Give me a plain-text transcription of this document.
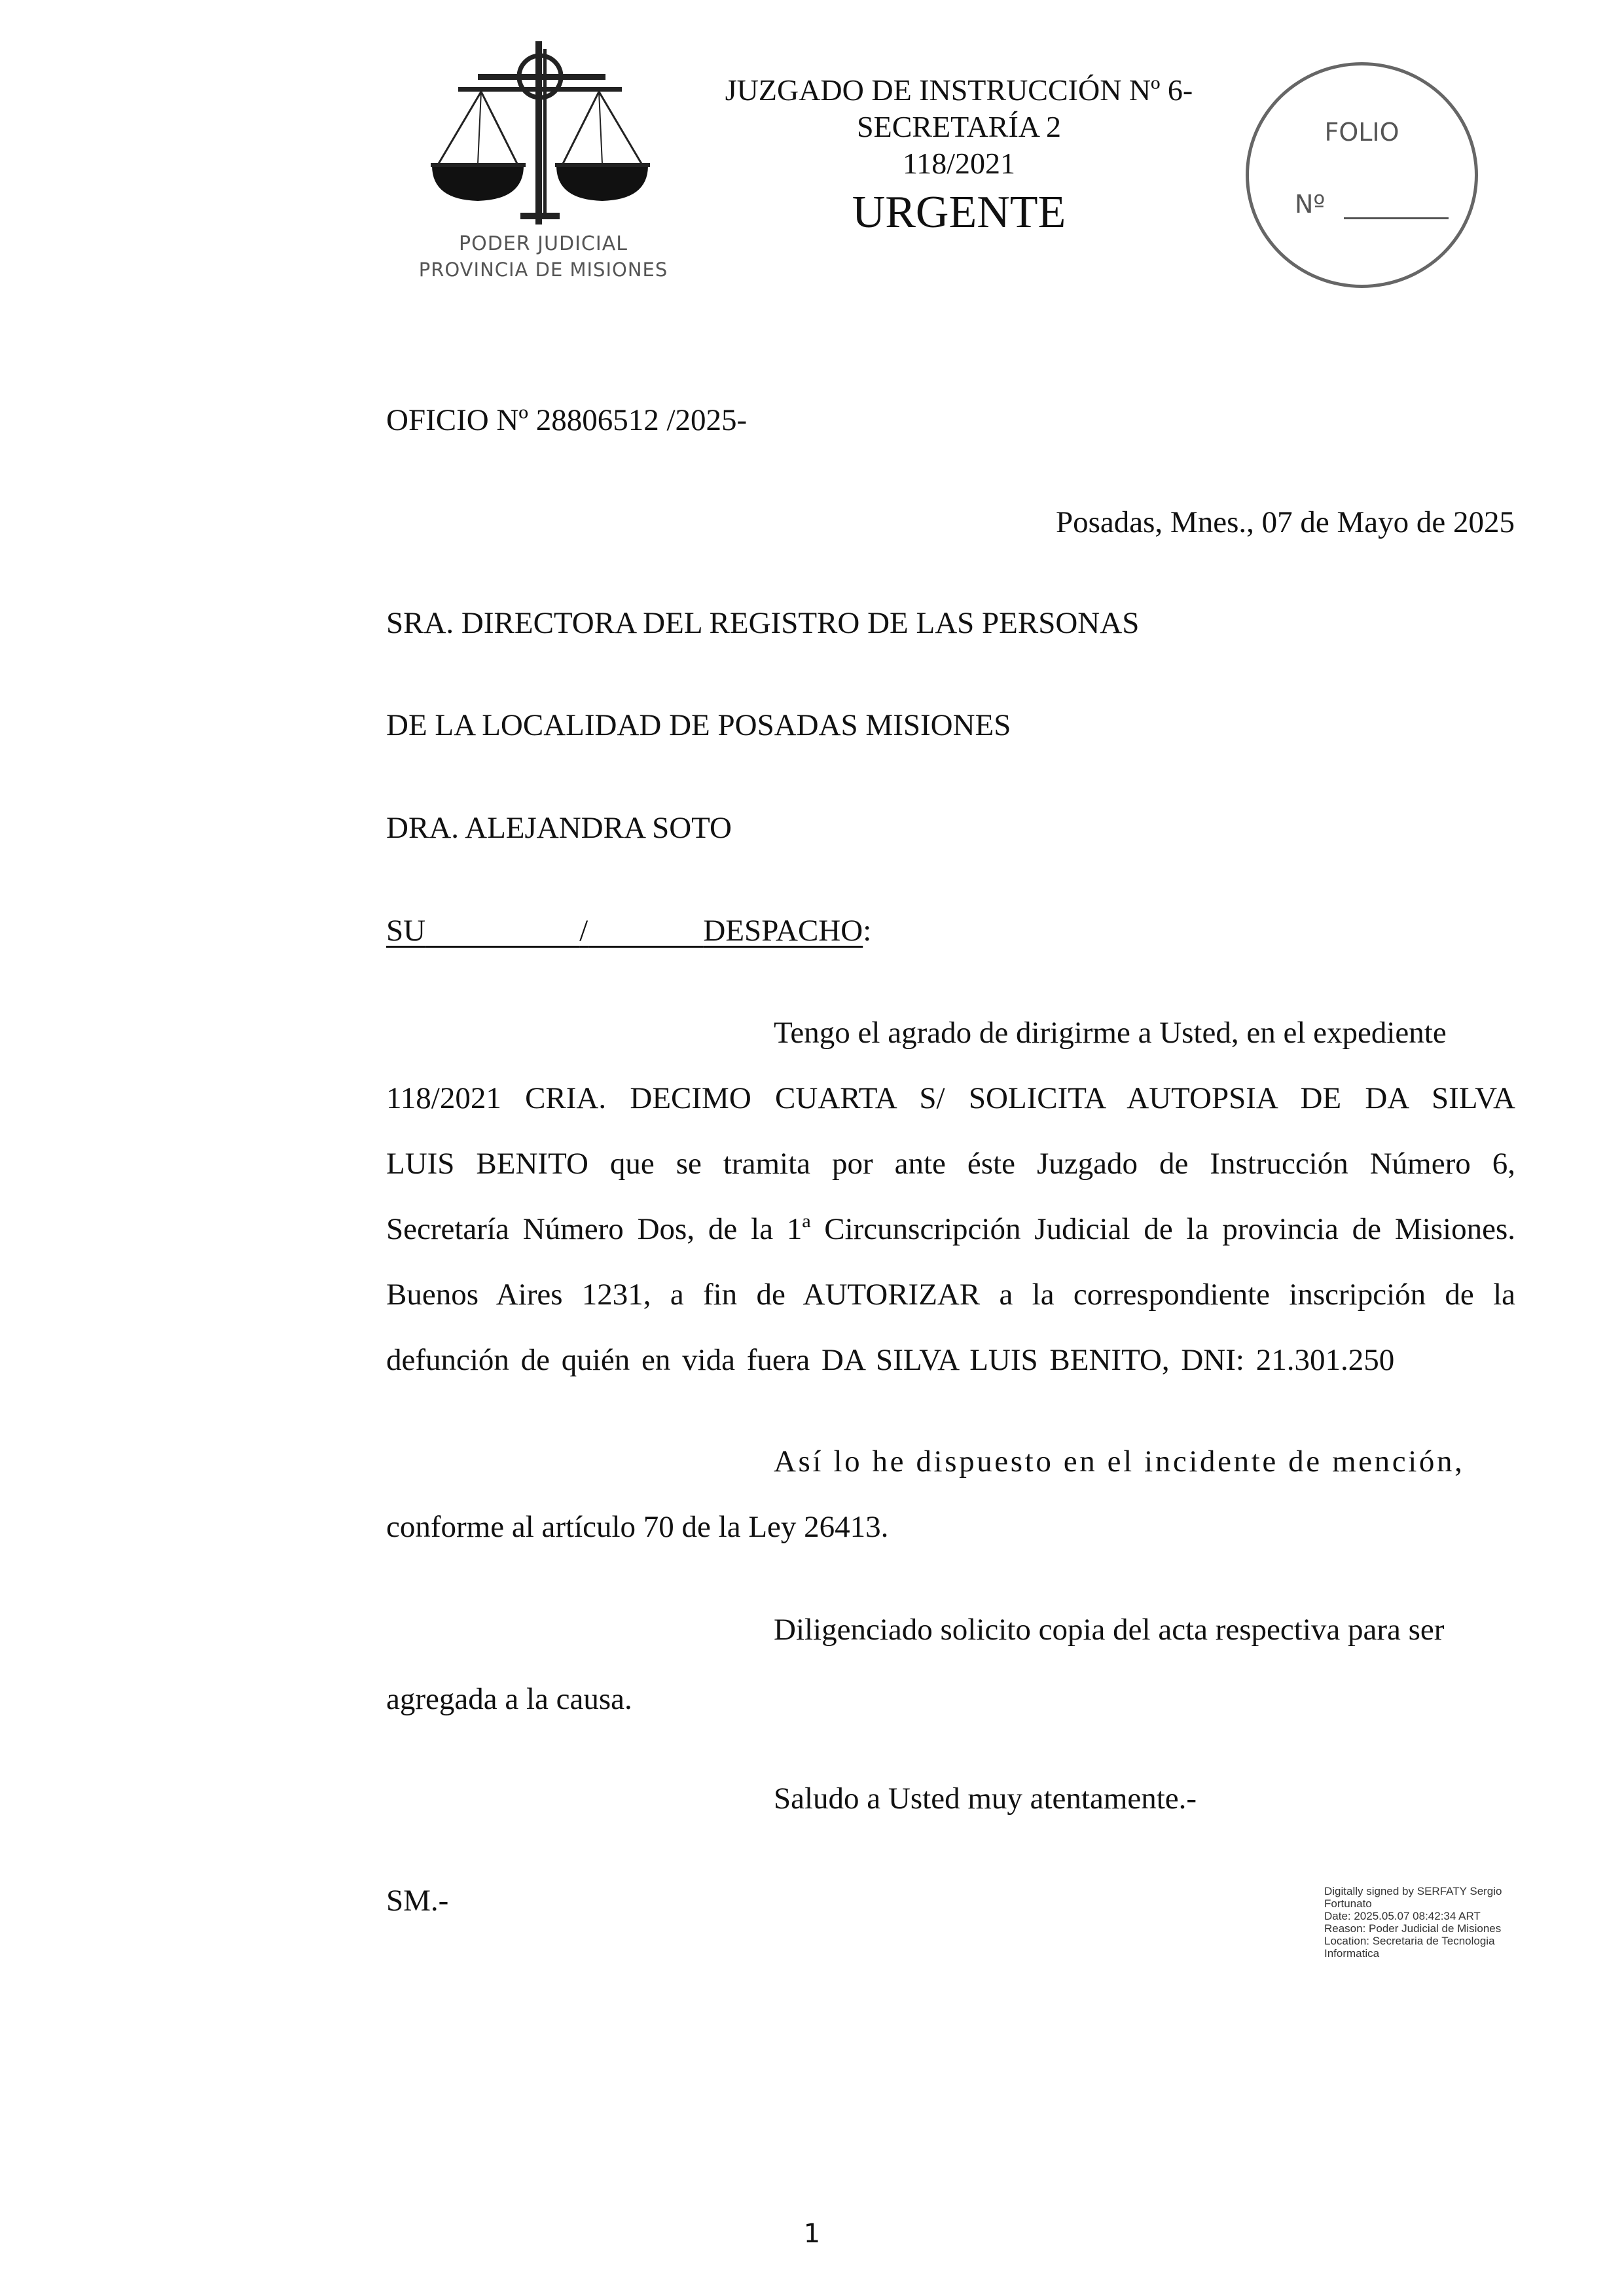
PODER JUDICIAL
PROVINCIA DE MISIONES
JUZGADO DE INSTRUCCIÓN Nº 6-
SECRETARÍA 2
118/2021
URGENTE
FOLIO
Nº
OFICIO Nº 28806512 /2025-
Posadas, Mnes., 07 de Mayo de 2025
SRA. DIRECTORA DEL REGISTRO DE LAS PERSONAS
DE LA LOCALIDAD DE POSADAS MISIONES
DRA. ALEJANDRA SOTO
SU	/	DESPACHO:
Tengo el agrado de dirigirme a Usted, en el expediente
118/2021 CRIA. DECIMO CUARTA S/ SOLICITA AUTOPSIA DE DA SILVA
LUIS BENITO que se tramita por ante éste Juzgado de Instrucción Número 6,
Secretaría Número Dos, de la 1ª Circunscripción Judicial de la provincia de Misiones.
Buenos Aires 1231, a fin de AUTORIZAR a la correspondiente inscripción de la
defunción de quién en vida fuera DA SILVA LUIS BENITO, DNI: 21.301.250
Así lo he dispuesto en el incidente de mención,
conforme al artículo 70 de la Ley 26413.
Diligenciado solicito copia del acta respectiva para ser
agregada a la causa.
Saludo a Usted muy atentamente.-
SM.-	Digitally signed by SERFATY Sergio
Fortunato
Date: 2025.05.07 08:42:34 ART
Reason: Poder Judicial de Misiones
Location: Secretaria de Tecnologia
Informatica
1
